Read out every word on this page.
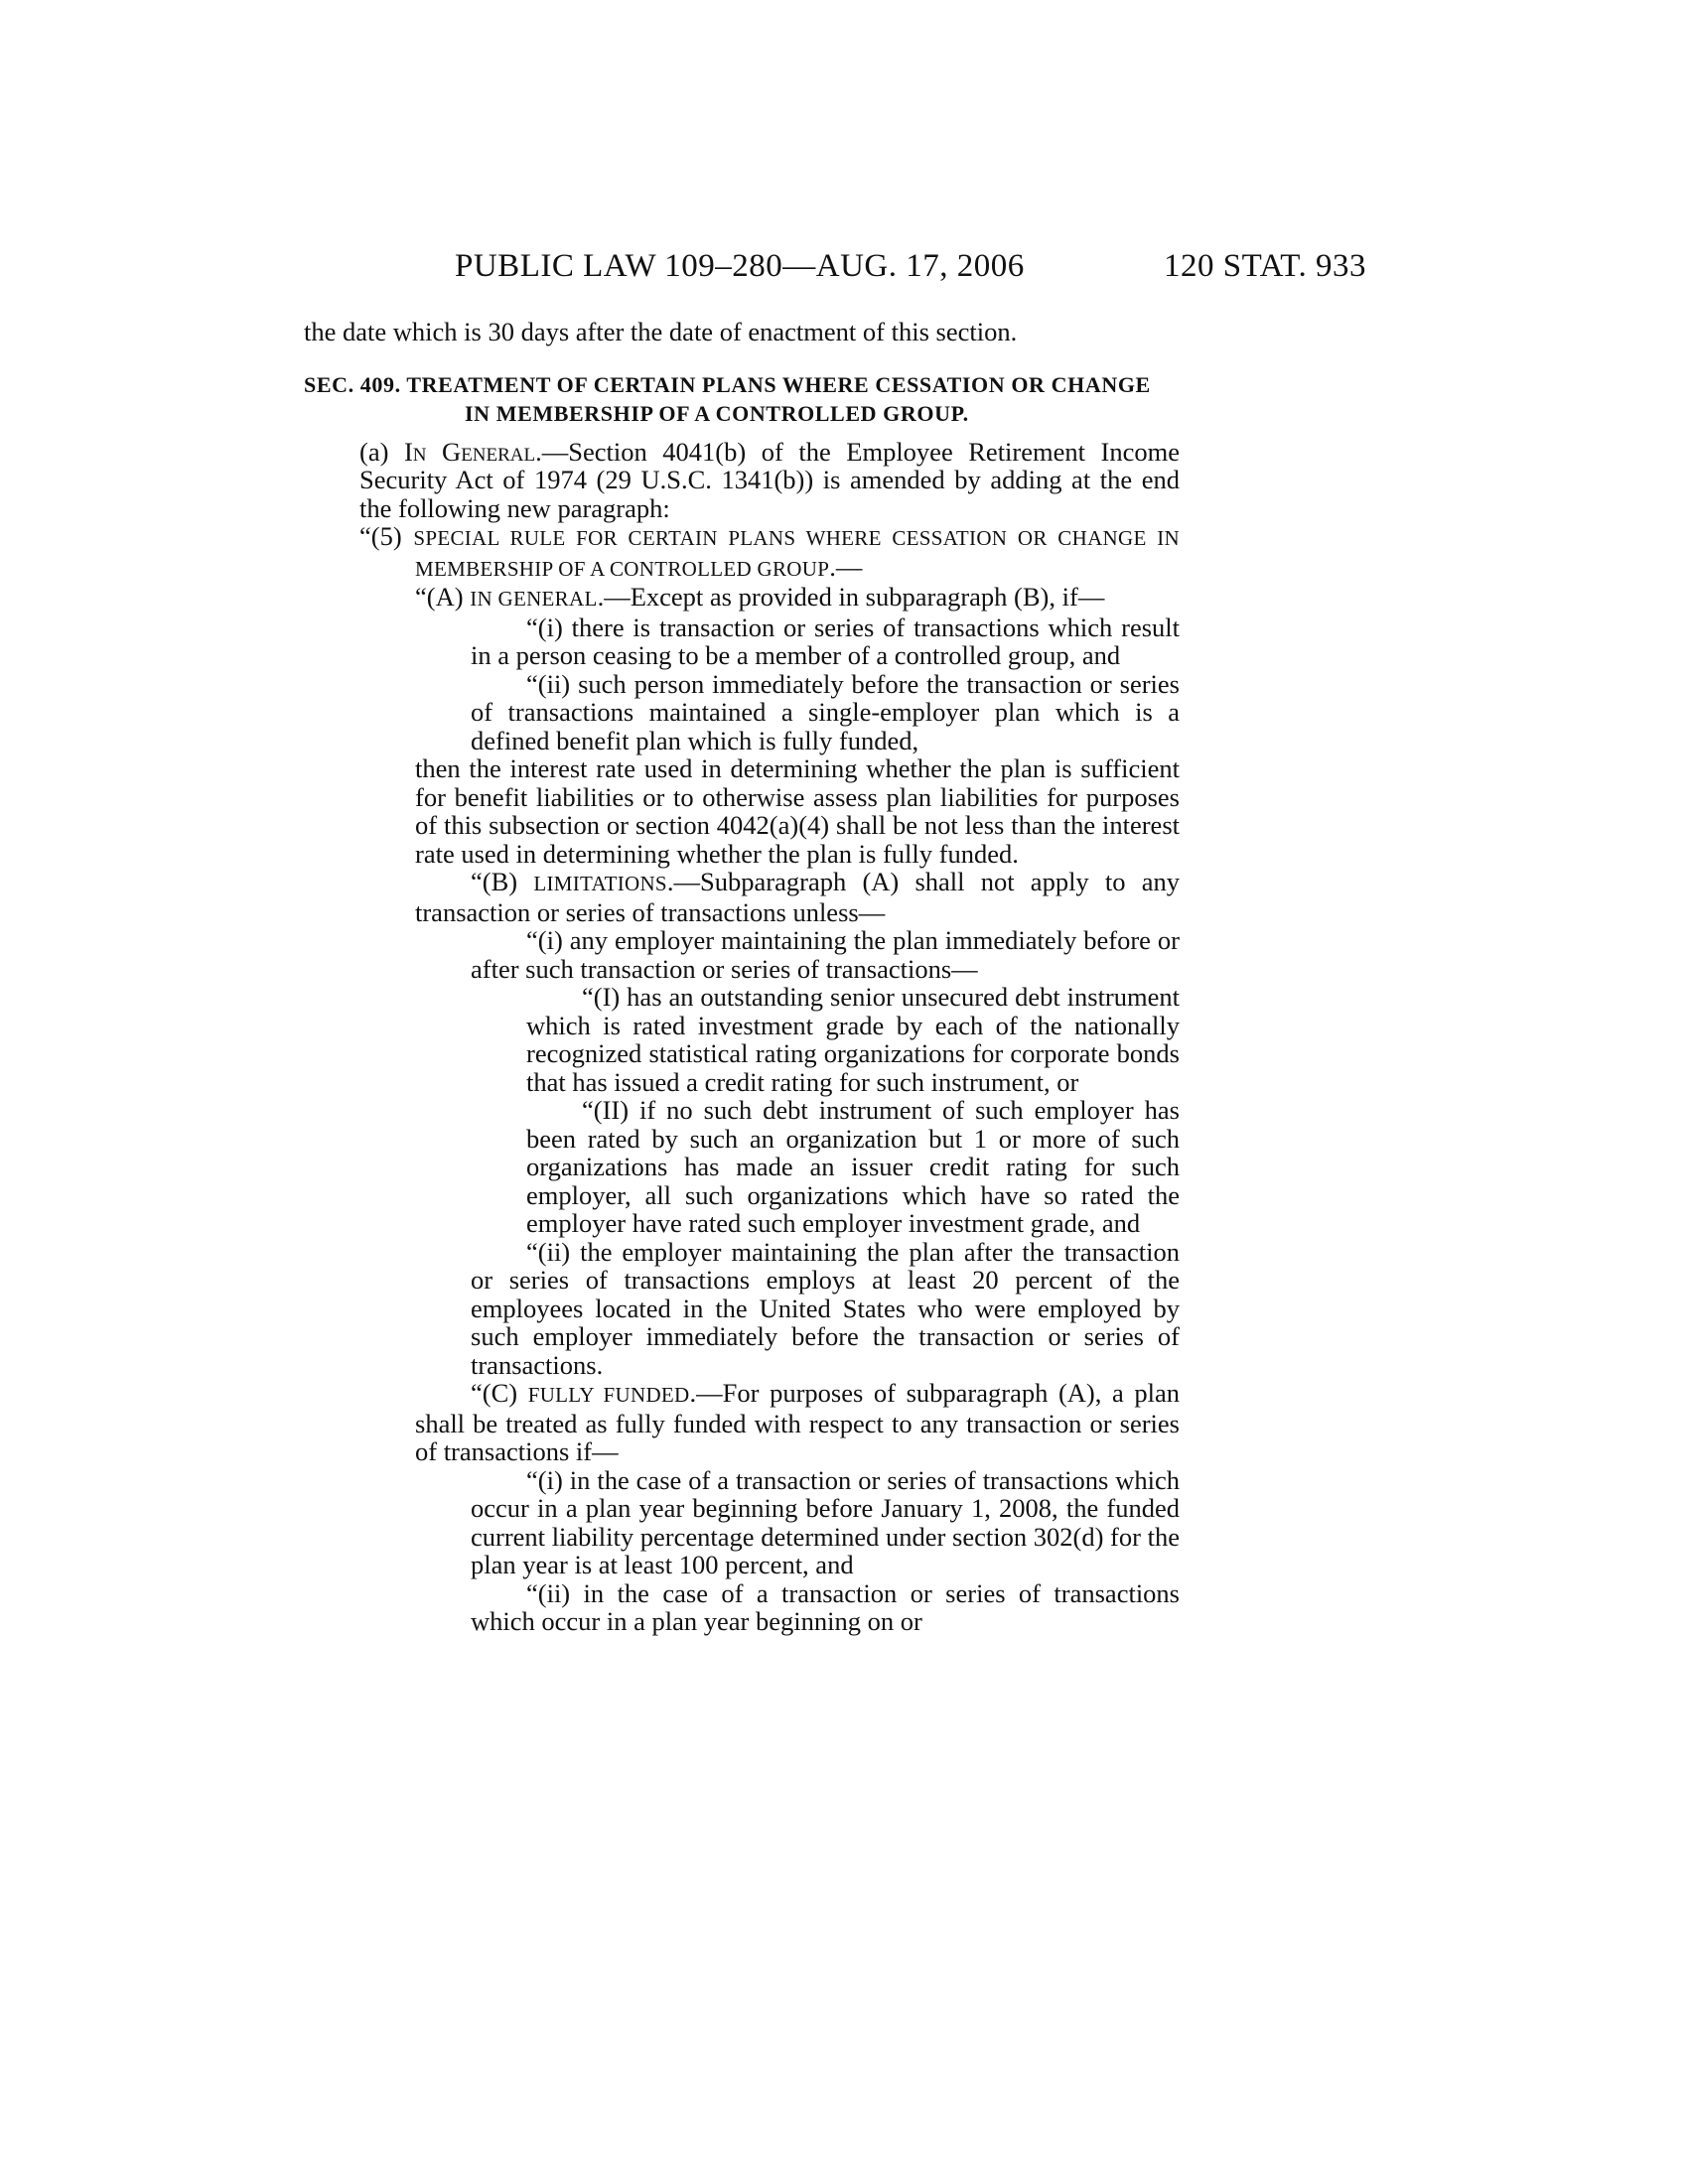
PUBLIC LAW 109–280—AUG. 17, 2006	120 STAT. 933

the date which is 30 days after the date of enactment of this section.

SEC. 409. TREATMENT OF CERTAIN PLANS WHERE CESSATION OR CHANGE IN MEMBERSHIP OF A CONTROLLED GROUP.

(a) In General.—Section 4041(b) of the Employee Retirement Income Security Act of 1974 (29 U.S.C. 1341(b)) is amended by adding at the end the following new paragraph:

“(5) SPECIAL RULE FOR CERTAIN PLANS WHERE CESSATION OR CHANGE IN MEMBERSHIP OF A CONTROLLED GROUP.—

“(A) IN GENERAL.—Except as provided in subparagraph (B), if—

“(i) there is transaction or series of transactions which result in a person ceasing to be a member of a controlled group, and

“(ii) such person immediately before the transaction or series of transactions maintained a single-employer plan which is a defined benefit plan which is fully funded,

then the interest rate used in determining whether the plan is sufficient for benefit liabilities or to otherwise assess plan liabilities for purposes of this subsection or section 4042(a)(4) shall be not less than the interest rate used in determining whether the plan is fully funded.

“(B) LIMITATIONS.—Subparagraph (A) shall not apply to any transaction or series of transactions unless—

“(i) any employer maintaining the plan immediately before or after such transaction or series of transactions—

“(I) has an outstanding senior unsecured debt instrument which is rated investment grade by each of the nationally recognized statistical rating organizations for corporate bonds that has issued a credit rating for such instrument, or

“(II) if no such debt instrument of such employer has been rated by such an organization but 1 or more of such organizations has made an issuer credit rating for such employer, all such organizations which have so rated the employer have rated such employer investment grade, and

“(ii) the employer maintaining the plan after the transaction or series of transactions employs at least 20 percent of the employees located in the United States who were employed by such employer immediately before the transaction or series of transactions.

“(C) FULLY FUNDED.—For purposes of subparagraph (A), a plan shall be treated as fully funded with respect to any transaction or series of transactions if—

“(i) in the case of a transaction or series of transactions which occur in a plan year beginning before January 1, 2008, the funded current liability percentage determined under section 302(d) for the plan year is at least 100 percent, and

“(ii) in the case of a transaction or series of transactions which occur in a plan year beginning on or
